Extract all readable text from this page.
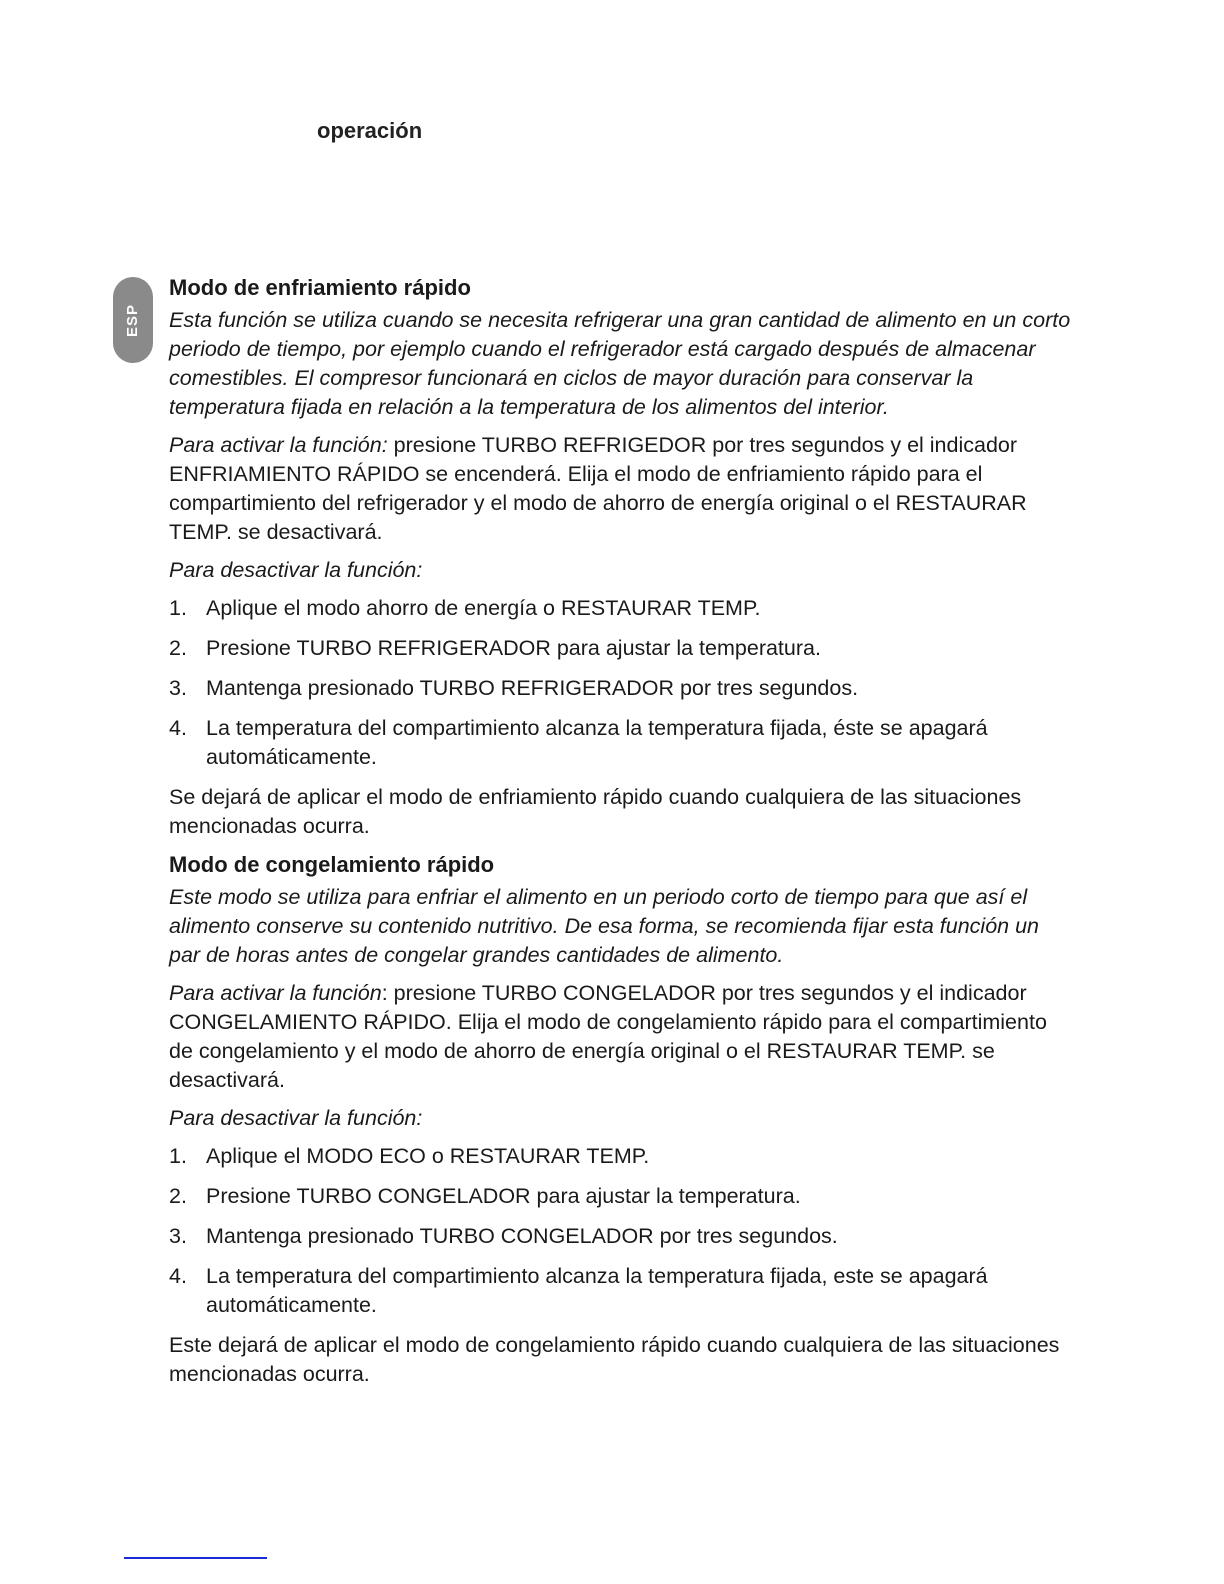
operación
ESP
Modo de enfriamiento rápido

Esta función se utiliza cuando se necesita refrigerar una gran cantidad de alimento en un corto periodo de tiempo, por ejemplo cuando el refrigerador está cargado después de almacenar comestibles. El compresor funcionará en ciclos de mayor duración para conservar la temperatura fijada en relación a la temperatura de los alimentos del interior.

Para activar la función: presione TURBO REFRIGEDOR por tres segundos y el indicador ENFRIAMIENTO RÁPIDO se encenderá. Elija el modo de enfriamiento rápido para el compartimiento del refrigerador y el modo de ahorro de energía original o el RESTAURAR TEMP. se desactivará.

Para desactivar la función:

1. Aplique el modo ahorro de energía o RESTAURAR TEMP.
2. Presione TURBO REFRIGERADOR para ajustar la temperatura.
3. Mantenga presionado TURBO REFRIGERADOR por tres segundos.
4. La temperatura del compartimiento alcanza la temperatura fijada, éste se apagará automáticamente.

Se dejará de aplicar el modo de enfriamiento rápido cuando cualquiera de las situaciones mencionadas ocurra.

Modo de congelamiento rápido

Este modo se utiliza para enfriar el alimento en un periodo corto de tiempo para que así el alimento conserve su contenido nutritivo. De esa forma, se recomienda fijar esta función un par de horas antes de congelar grandes cantidades de alimento.

Para activar la función: presione TURBO CONGELADOR por tres segundos y el indicador CONGELAMIENTO RÁPIDO. Elija el modo de congelamiento rápido para el compartimiento de congelamiento y el modo de ahorro de energía original o el RESTAURAR TEMP. se desactivará.

Para desactivar la función:

1. Aplique el MODO ECO o RESTAURAR TEMP.
2. Presione TURBO CONGELADOR para ajustar la temperatura.
3. Mantenga presionado TURBO CONGELADOR por tres segundos.
4. La temperatura del compartimiento alcanza la temperatura fijada, este se apagará automáticamente.

Este dejará de aplicar el modo de congelamiento rápido cuando cualquiera de las situaciones mencionadas ocurra.
